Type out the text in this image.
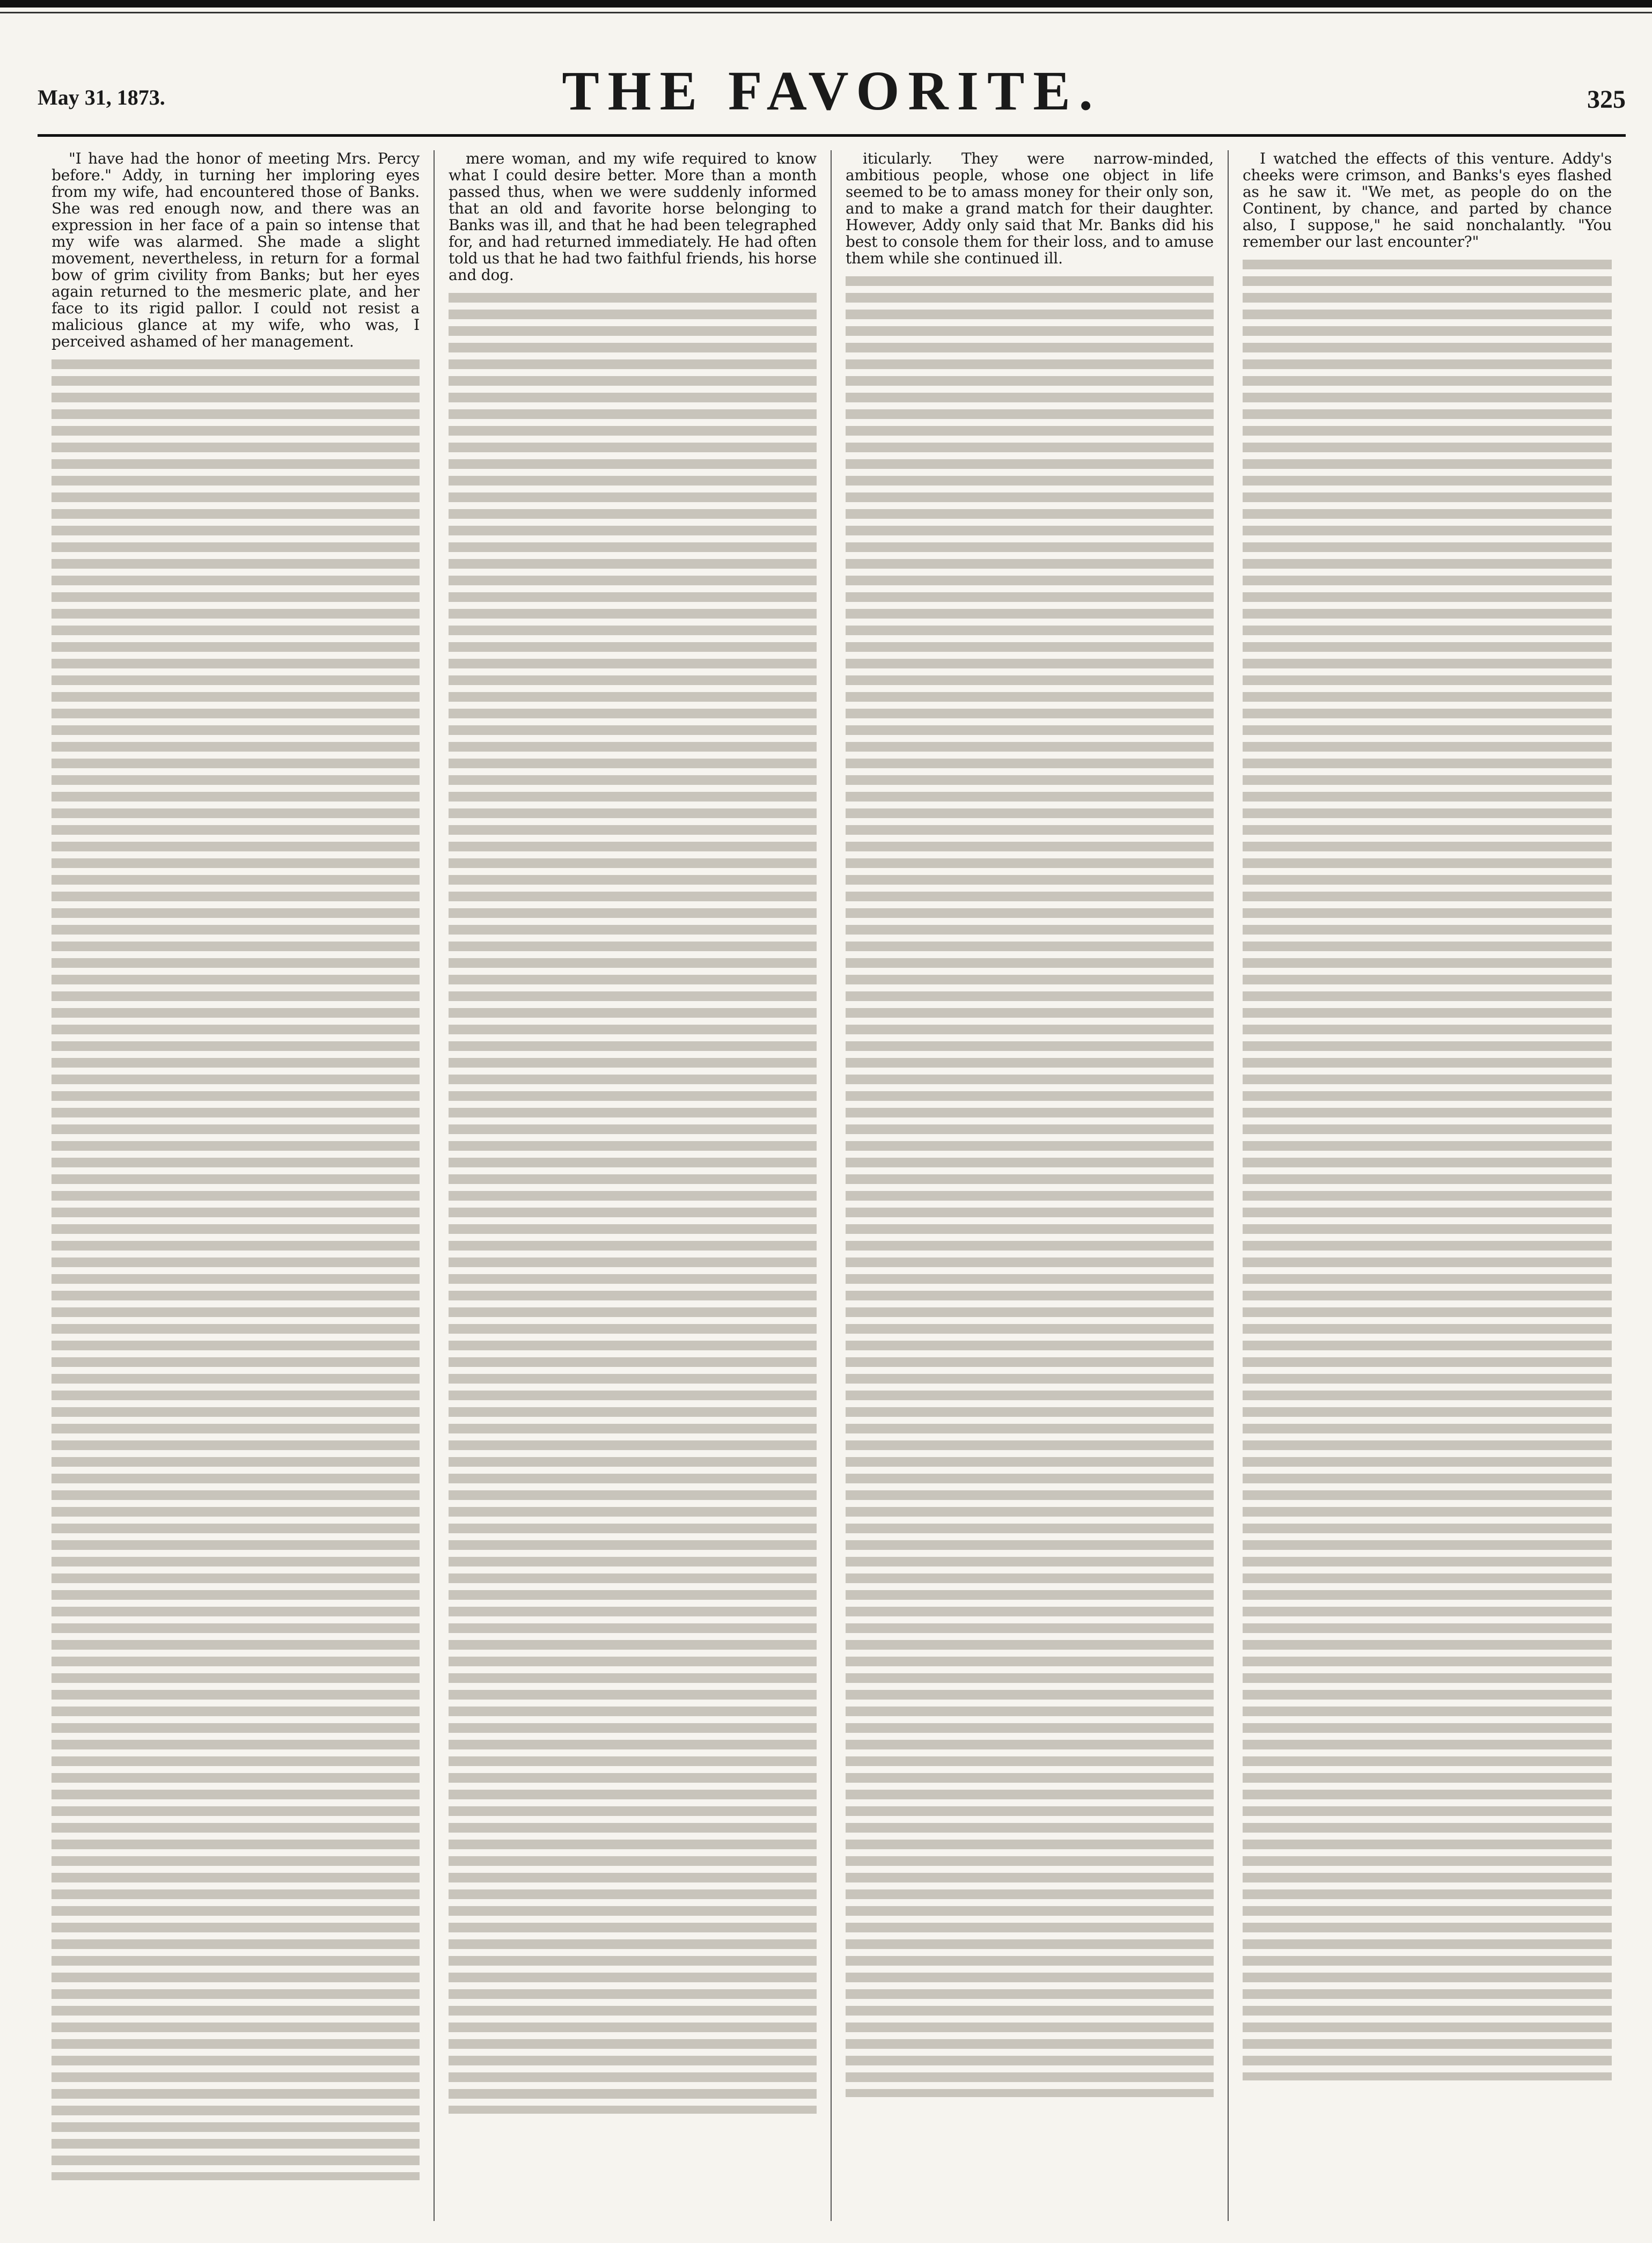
May 31, 1873.	THE FAVORITE.	325

"I have had the honor of meeting Mrs. Percy before." Addy, in turning her imploring eyes from my wife, had encountered those of Banks. She was red enough now, and there was an expression in her face of a pain so intense that my wife was alarmed. She made a slight movement, nevertheless, in return for a formal bow of grim civility from Banks; but her eyes again returned to the mesmeric plate, and her face to its rigid pallor. I could not resist a malicious glance at my wife, who was, I perceived ashamed of her management.

mere woman, and my wife required to know what I could desire better. More than a month passed thus, when we were suddenly informed that an old and favorite horse belonging to Banks was ill, and that he had been telegraphed for, and had returned immediately. He had often told us that he had two faithful friends, his horse and dog.

iticularly. They were narrow-minded, ambitious people, whose one object in life seemed to be to amass money for their only son, and to make a grand match for their daughter. However, Addy only said that Mr. Banks did his best to console them for their loss, and to amuse them while she continued ill.

I watched the effects of this venture. Addy's cheeks were crimson, and Banks's eyes flashed as he saw it. "We met, as people do on the Continent, by chance, and parted by chance also, I suppose," he said nonchalantly. "You remember our last encounter?"
